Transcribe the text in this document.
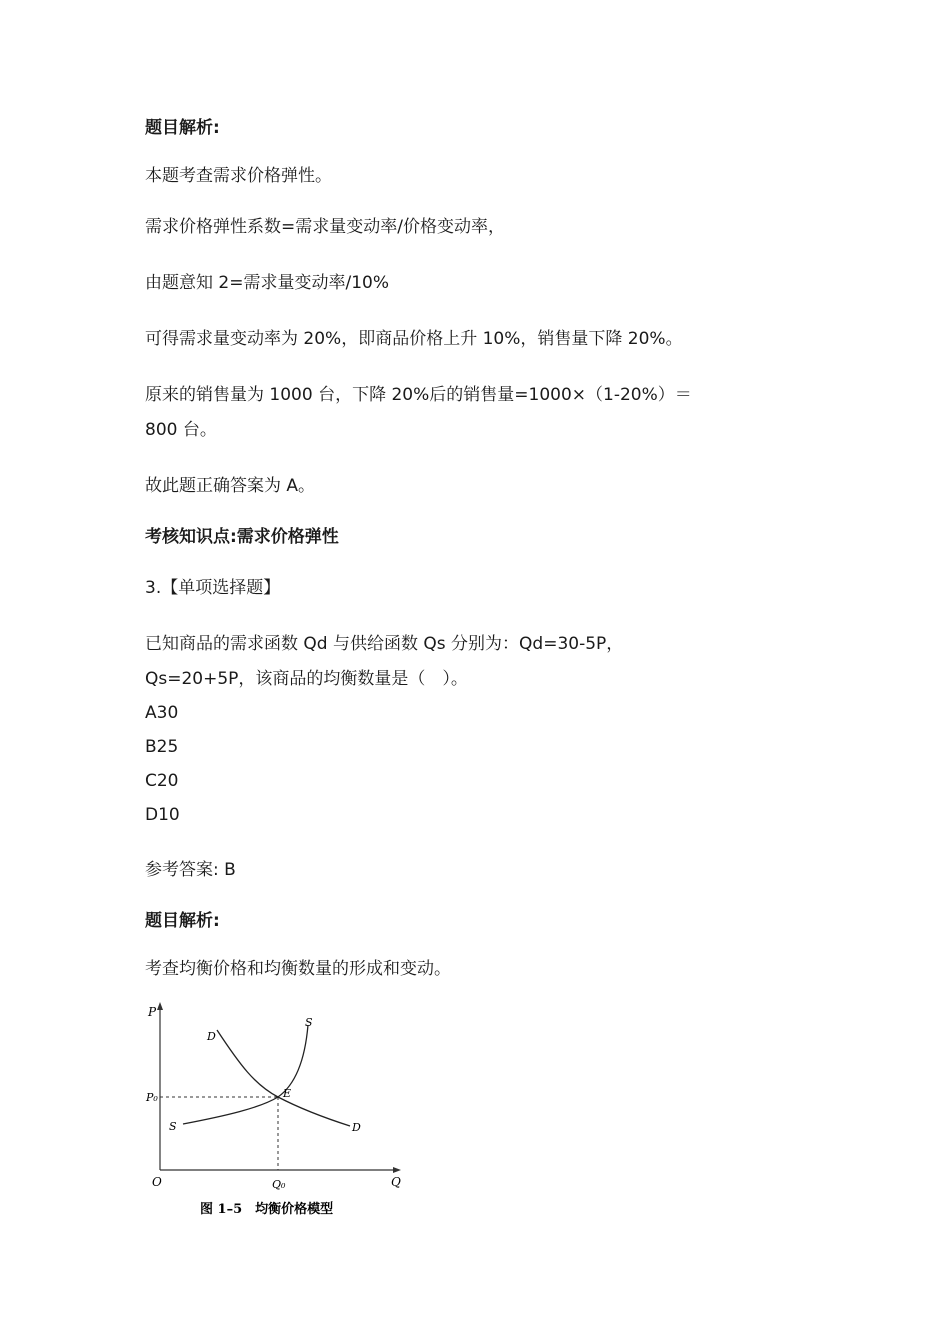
题目解析:
本题考查需求价格弹性。
需求价格弹性系数=需求量变动率/价格变动率，
由题意知 2=需求量变动率/10%
可得需求量变动率为 20%，即商品价格上升 10%，销售量下降 20%。
原来的销售量为 1000 台，下降 20%后的销售量=1000×（1-20%）＝
800 台。
故此题正确答案为 A。
考核知识点:需求价格弹性
3.【单项选择题】
已知商品的需求函数 Qd 与供给函数 Qs 分别为：Qd=30-5P，
Qs=20+5P，该商品的均衡数量是（　）。
A30
B25
C20
D10
参考答案: B
题目解析:
考查均衡价格和均衡数量的形成和变动。
P
Q
O
P₀
Q₀
E
D
D
S
S
图 1–5　均衡价格模型
